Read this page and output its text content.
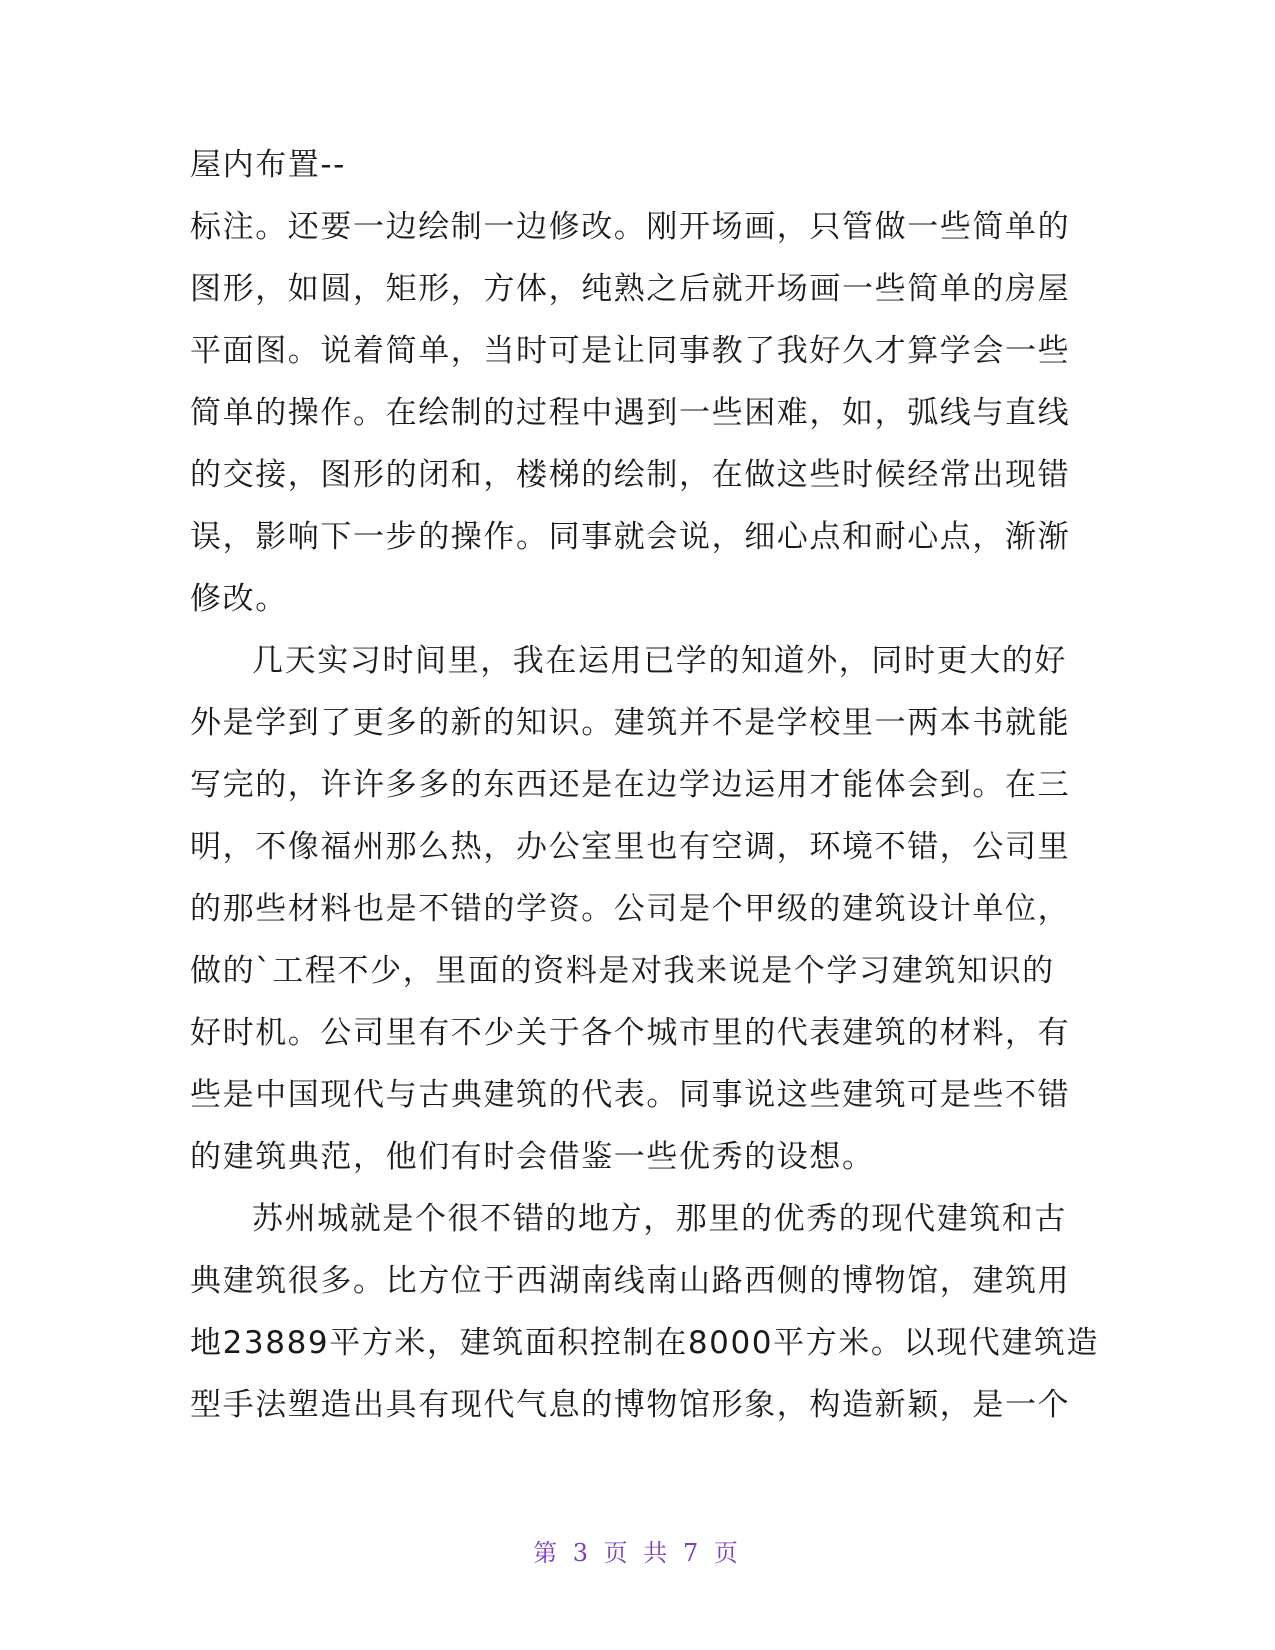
屋内布置--
标注。还要一边绘制一边修改。刚开场画，只管做一些简单的
图形，如圆，矩形，方体，纯熟之后就开场画一些简单的房屋
平面图。说着简单，当时可是让同事教了我好久才算学会一些
简单的操作。在绘制的过程中遇到一些困难，如，弧线与直线
的交接，图形的闭和，楼梯的绘制，在做这些时候经常出现错
误，影响下一步的操作。同事就会说，细心点和耐心点，渐渐
修改。
几天实习时间里，我在运用已学的知道外，同时更大的好
外是学到了更多的新的知识。建筑并不是学校里一两本书就能
写完的，许许多多的东西还是在边学边运用才能体会到。在三
明，不像福州那么热，办公室里也有空调，环境不错，公司里
的那些材料也是不错的学资。公司是个甲级的建筑设计单位，
做的`工程不少，里面的资料是对我来说是个学习建筑知识的
好时机。公司里有不少关于各个城市里的代表建筑的材料，有
些是中国现代与古典建筑的代表。同事说这些建筑可是些不错
的建筑典范，他们有时会借鉴一些优秀的设想。
苏州城就是个很不错的地方，那里的优秀的现代建筑和古
典建筑很多。比方位于西湖南线南山路西侧的博物馆，建筑用
地23889平方米，建筑面积控制在8000平方米。以现代建筑造
型手法塑造出具有现代气息的博物馆形象，构造新颖，是一个
第 3 页 共 7 页
